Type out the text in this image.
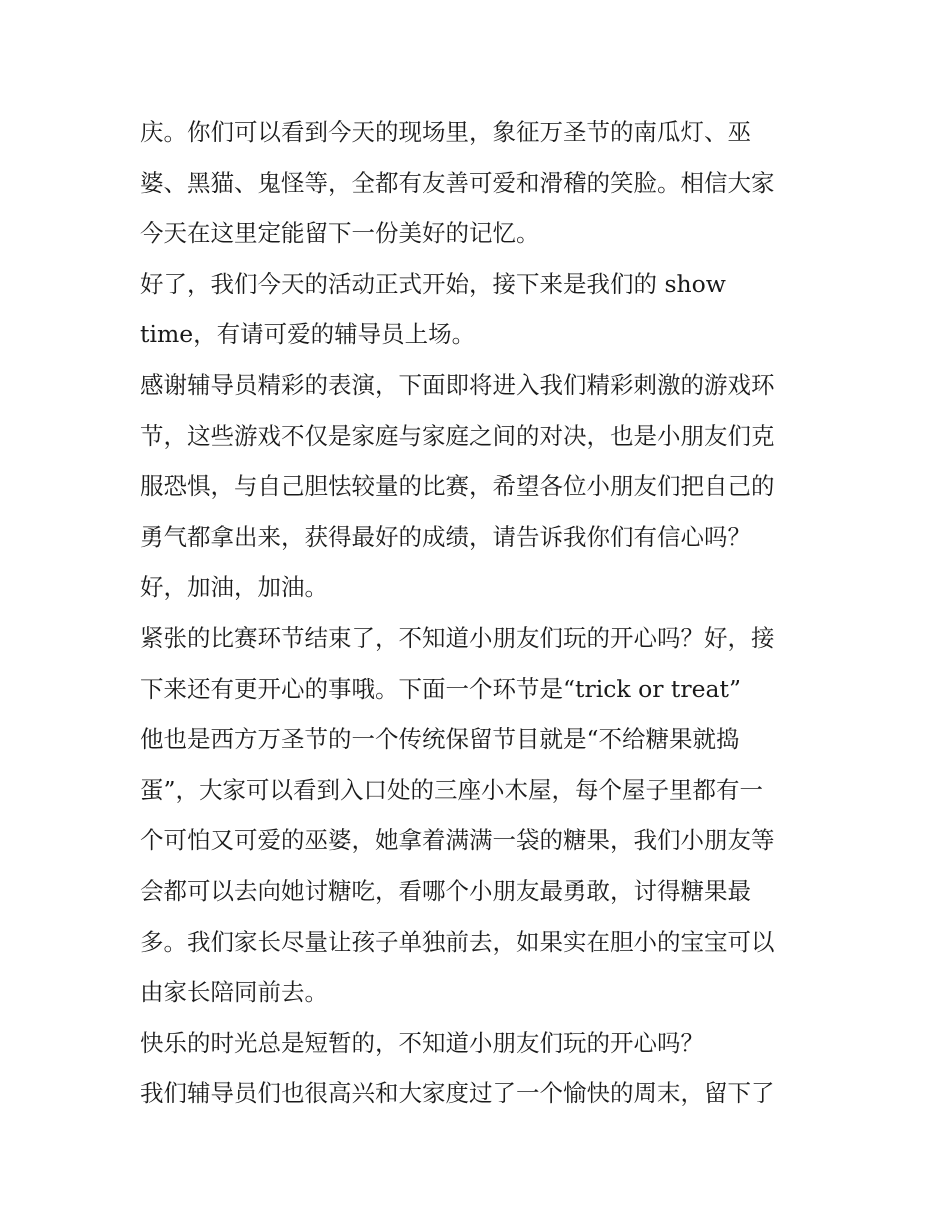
庆。你们可以看到今天的现场里，象征万圣节的南瓜灯、巫
婆、黑猫、鬼怪等，全都有友善可爱和滑稽的笑脸。相信大家
今天在这里定能留下一份美好的记忆。
好了，我们今天的活动正式开始，接下来是我们的 show
time，有请可爱的辅导员上场。
感谢辅导员精彩的表演，下面即将进入我们精彩刺激的游戏环
节，这些游戏不仅是家庭与家庭之间的对决，也是小朋友们克
服恐惧，与自己胆怯较量的比赛，希望各位小朋友们把自己的
勇气都拿出来，获得最好的成绩，请告诉我你们有信心吗？
好，加油，加油。
紧张的比赛环节结束了，不知道小朋友们玩的开心吗？好，接
下来还有更开心的事哦。下面一个环节是“trick or treat”
他也是西方万圣节的一个传统保留节目就是“不给糖果就捣
蛋”，大家可以看到入口处的三座小木屋，每个屋子里都有一
个可怕又可爱的巫婆，她拿着满满一袋的糖果，我们小朋友等
会都可以去向她讨糖吃，看哪个小朋友最勇敢，讨得糖果最
多。我们家长尽量让孩子单独前去，如果实在胆小的宝宝可以
由家长陪同前去。
快乐的时光总是短暂的，不知道小朋友们玩的开心吗？
我们辅导员们也很高兴和大家度过了一个愉快的周末，留下了
